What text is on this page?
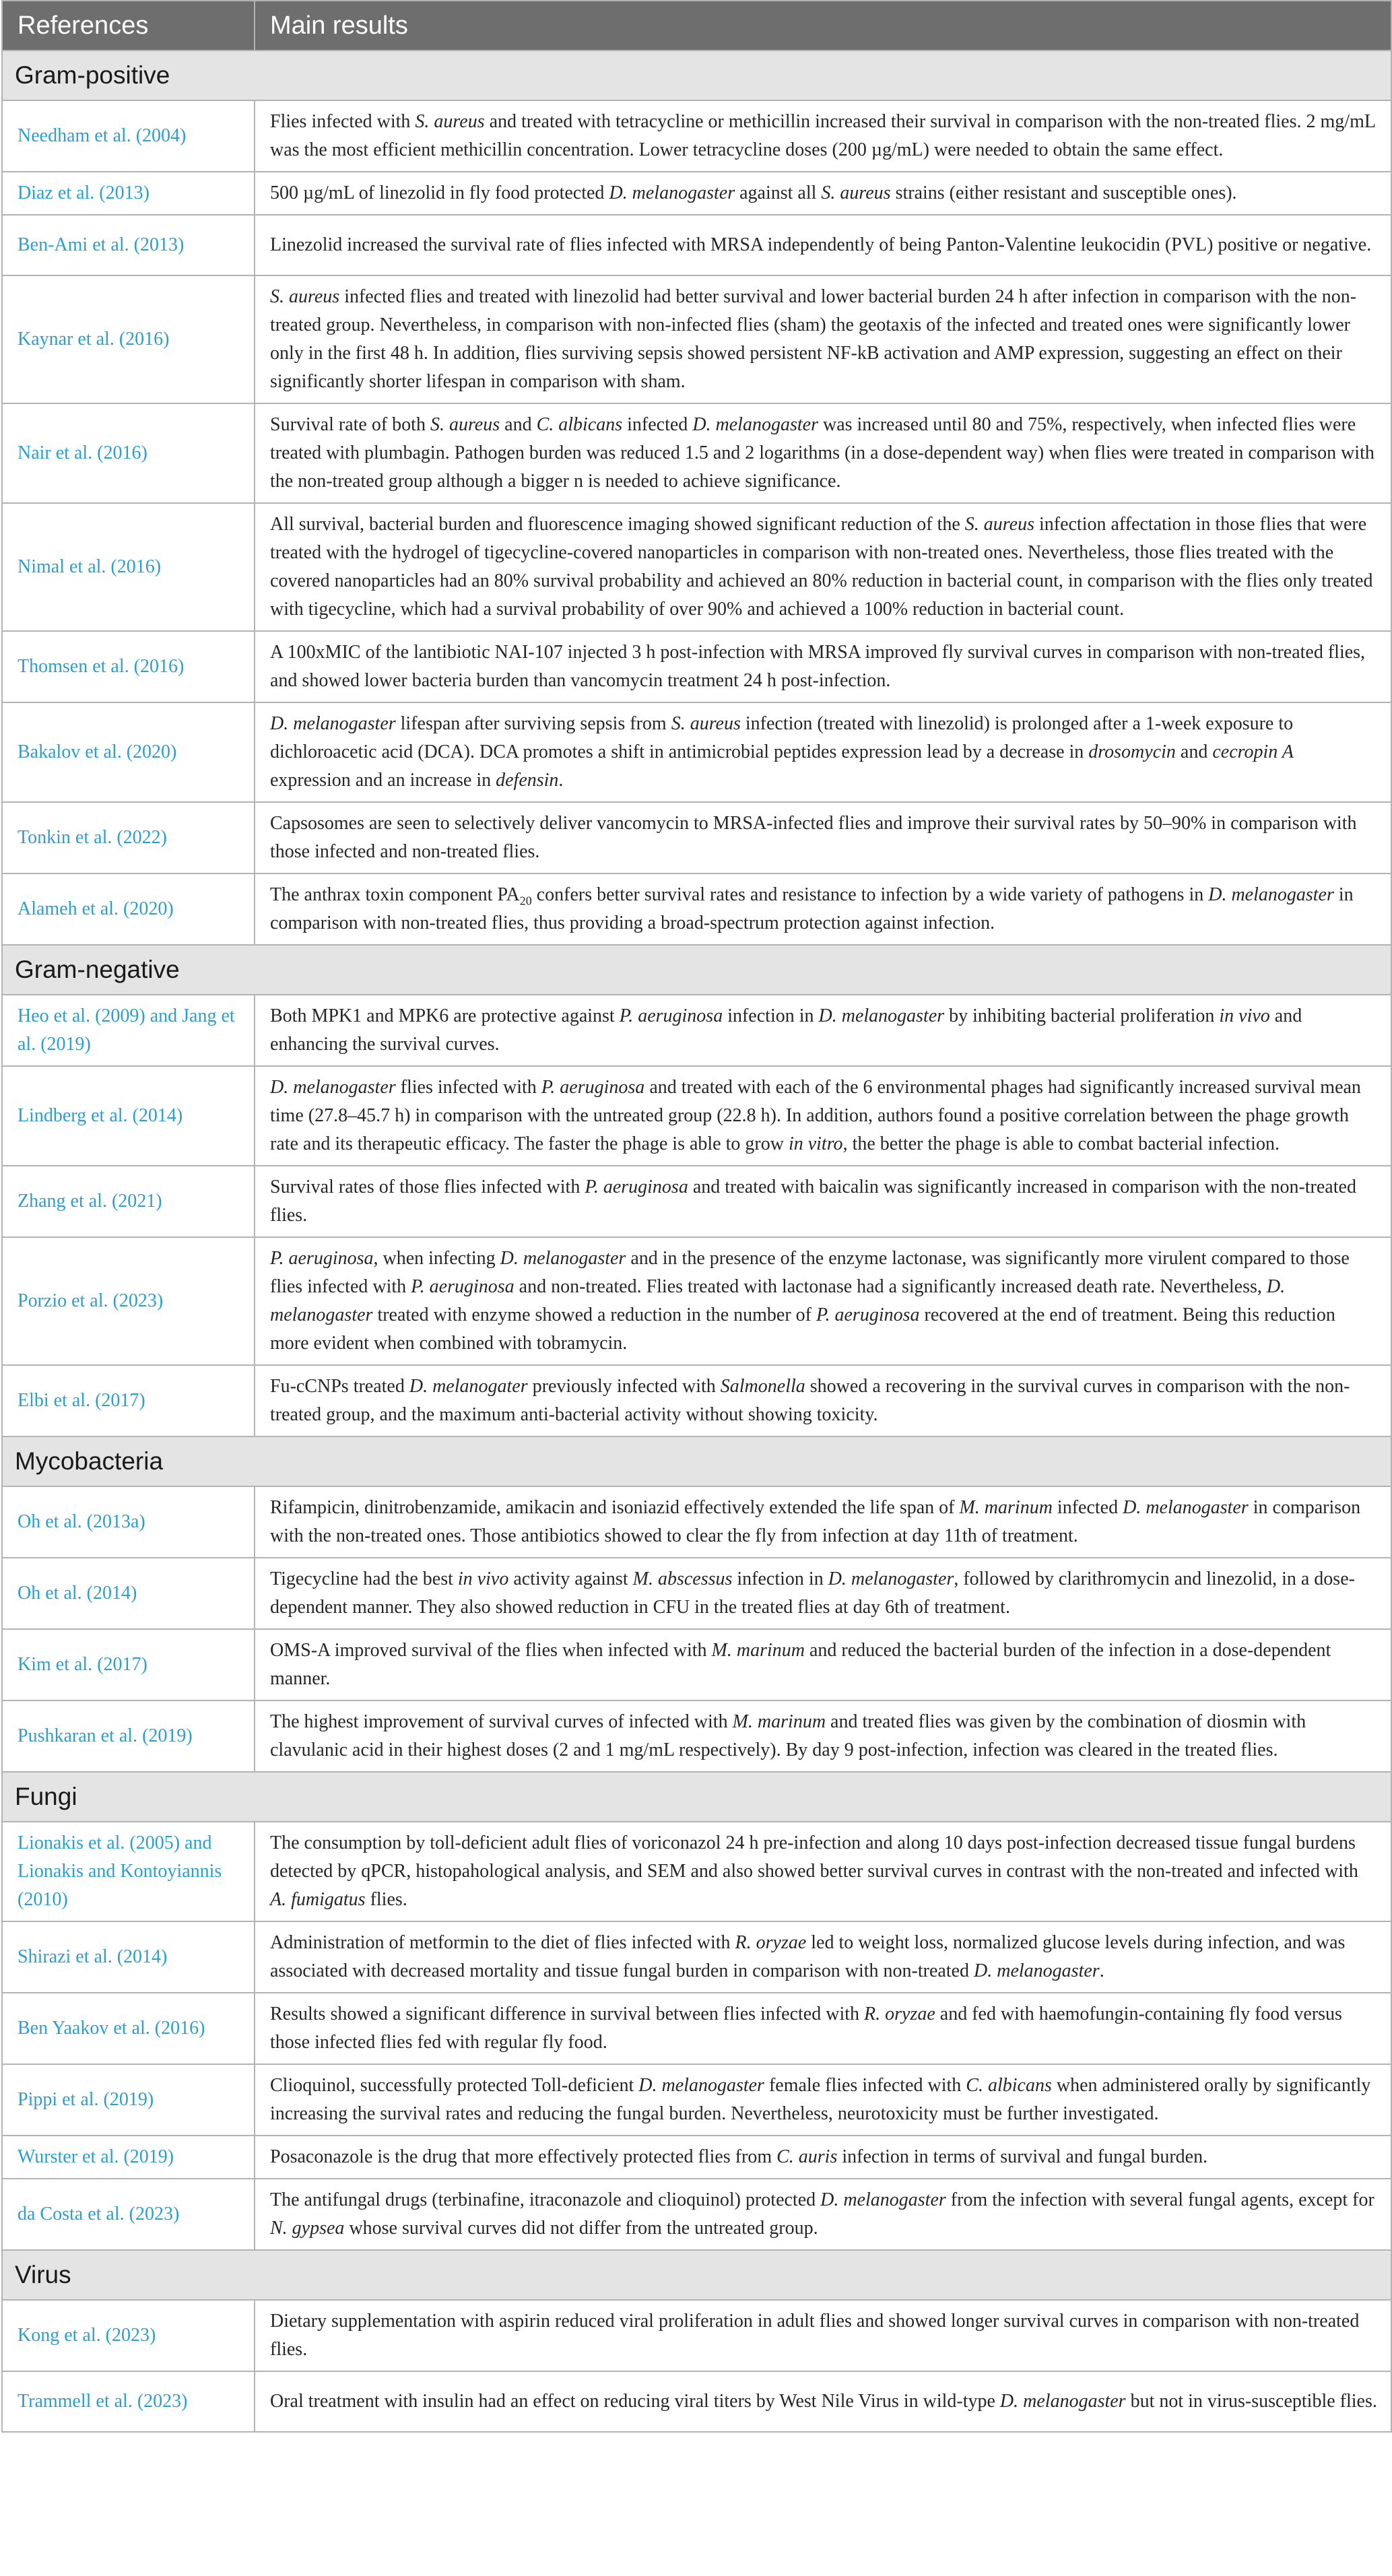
References	Main results
Gram-positive	
Needham et al. (2004)	Flies infected with S. aureus and treated with tetracycline or methicillin increased their survival in comparison with the non-treated flies. 2 mg/mL was the most efficient methicillin concentration. Lower tetracycline doses (200 µg/mL) were needed to obtain the same effect.
Diaz et al. (2013)	500 µg/mL of linezolid in fly food protected D. melanogaster against all S. aureus strains (either resistant and susceptible ones).
Ben-Ami et al. (2013)	Linezolid increased the survival rate of flies infected with MRSA independently of being Panton-Valentine leukocidin (PVL) positive or negative.
Kaynar et al. (2016)	S. aureus infected flies and treated with linezolid had better survival and lower bacterial burden 24 h after infection in comparison with the non-treated group. Nevertheless, in comparison with non-infected flies (sham) the geotaxis of the infected and treated ones were significantly lower only in the first 48 h. In addition, flies surviving sepsis showed persistent NF-kB activation and AMP expression, suggesting an effect on their significantly shorter lifespan in comparison with sham.
Nair et al. (2016)	Survival rate of both S. aureus and C. albicans infected D. melanogaster was increased until 80 and 75%, respectively, when infected flies were treated with plumbagin. Pathogen burden was reduced 1.5 and 2 logarithms (in a dose-dependent way) when flies were treated in comparison with the non-treated group although a bigger n is needed to achieve significance.
Nimal et al. (2016)	All survival, bacterial burden and fluorescence imaging showed significant reduction of the S. aureus infection affectation in those flies that were treated with the hydrogel of tigecycline-covered nanoparticles in comparison with non-treated ones. Nevertheless, those flies treated with the covered nanoparticles had an 80% survival probability and achieved an 80% reduction in bacterial count, in comparison with the flies only treated with tigecycline, which had a survival probability of over 90% and achieved a 100% reduction in bacterial count.
Thomsen et al. (2016)	A 100xMIC of the lantibiotic NAI-107 injected 3 h post-infection with MRSA improved fly survival curves in comparison with non-treated flies, and showed lower bacteria burden than vancomycin treatment 24 h post-infection.
Bakalov et al. (2020)	D. melanogaster lifespan after surviving sepsis from S. aureus infection (treated with linezolid) is prolonged after a 1-week exposure to dichloroacetic acid (DCA). DCA promotes a shift in antimicrobial peptides expression lead by a decrease in drosomycin and cecropin A expression and an increase in defensin.
Tonkin et al. (2022)	Capsosomes are seen to selectively deliver vancomycin to MRSA-infected flies and improve their survival rates by 50–90% in comparison with those infected and non-treated flies.
Alameh et al. (2020)	The anthrax toxin component $PA_{20}$ confers better survival rates and resistance to infection by a wide variety of pathogens in D. melanogaster in comparison with non-treated flies, thus providing a broad-spectrum protection against infection.
Gram-negative	
Heo et al. (2009) and Jang et al. (2019)	Both MPK1 and MPK6 are protective against P. aeruginosa infection in D. melanogaster by inhibiting bacterial proliferation in vivo and enhancing the survival curves.
Lindberg et al. (2014)	D. melanogaster flies infected with P. aeruginosa and treated with each of the 6 environmental phages had significantly increased survival mean time (27.8–45.7 h) in comparison with the untreated group (22.8 h). In addition, authors found a positive correlation between the phage growth rate and its therapeutic efficacy. The faster the phage is able to grow in vitro, the better the phage is able to combat bacterial infection.
Zhang et al. (2021)	Survival rates of those flies infected with P. aeruginosa and treated with baicalin was significantly increased in comparison with the non-treated flies.
Porzio et al. (2023)	P. aeruginosa, when infecting D. melanogaster and in the presence of the enzyme lactonase, was significantly more virulent compared to those flies infected with P. aeruginosa and non-treated. Flies treated with lactonase had a significantly increased death rate. Nevertheless, D. melanogaster treated with enzyme showed a reduction in the number of P. aeruginosa recovered at the end of treatment. Being this reduction more evident when combined with tobramycin.
Elbi et al. (2017)	Fu-cCNPs treated D. melanogater previously infected with Salmonella showed a recovering in the survival curves in comparison with the non-treated group, and the maximum anti-bacterial activity without showing toxicity.
Mycobacteria	
Oh et al. (2013a)	Rifampicin, dinitrobenzamide, amikacin and isoniazid effectively extended the life span of M. marinum infected D. melanogaster in comparison with the non-treated ones. Those antibiotics showed to clear the fly from infection at day 11th of treatment.
Oh et al. (2014)	Tigecycline had the best in vivo activity against M. abscessus infection in D. melanogaster, followed by clarithromycin and linezolid, in a dose-dependent manner. They also showed reduction in CFU in the treated flies at day 6th of treatment.
Kim et al. (2017)	OMS-A improved survival of the flies when infected with M. marinum and reduced the bacterial burden of the infection in a dose-dependent manner.
Pushkaran et al. (2019)	The highest improvement of survival curves of infected with M. marinum and treated flies was given by the combination of diosmin with clavulanic acid in their highest doses (2 and 1 mg/mL respectively). By day 9 post-infection, infection was cleared in the treated flies.
Fungi	
Lionakis et al. (2005) and Lionakis and Kontoyiannis (2010)	The consumption by toll-deficient adult flies of voriconazol 24 h pre-infection and along 10 days post-infection decreased tissue fungal burdens detected by qPCR, histopahological analysis, and SEM and also showed better survival curves in contrast with the non-treated and infected with A. fumigatus flies.
Shirazi et al. (2014)	Administration of metformin to the diet of flies infected with R. oryzae led to weight loss, normalized glucose levels during infection, and was associated with decreased mortality and tissue fungal burden in comparison with non-treated D. melanogaster.
Ben Yaakov et al. (2016)	Results showed a significant difference in survival between flies infected with R. oryzae and fed with haemofungin-containing fly food versus those infected flies fed with regular fly food.
Pippi et al. (2019)	Clioquinol, successfully protected Toll-deficient D. melanogaster female flies infected with C. albicans when administered orally by significantly increasing the survival rates and reducing the fungal burden. Nevertheless, neurotoxicity must be further investigated.
Wurster et al. (2019)	Posaconazole is the drug that more effectively protected flies from C. auris infection in terms of survival and fungal burden.
da Costa et al. (2023)	The antifungal drugs (terbinafine, itraconazole and clioquinol) protected D. melanogaster from the infection with several fungal agents, except for N. gypsea whose survival curves did not differ from the untreated group.
Virus	
Kong et al. (2023)	Dietary supplementation with aspirin reduced viral proliferation in adult flies and showed longer survival curves in comparison with non-treated flies.
Trammell et al. (2023)	Oral treatment with insulin had an effect on reducing viral titers by West Nile Virus in wild-type D. melanogaster but not in virus-susceptible flies.
